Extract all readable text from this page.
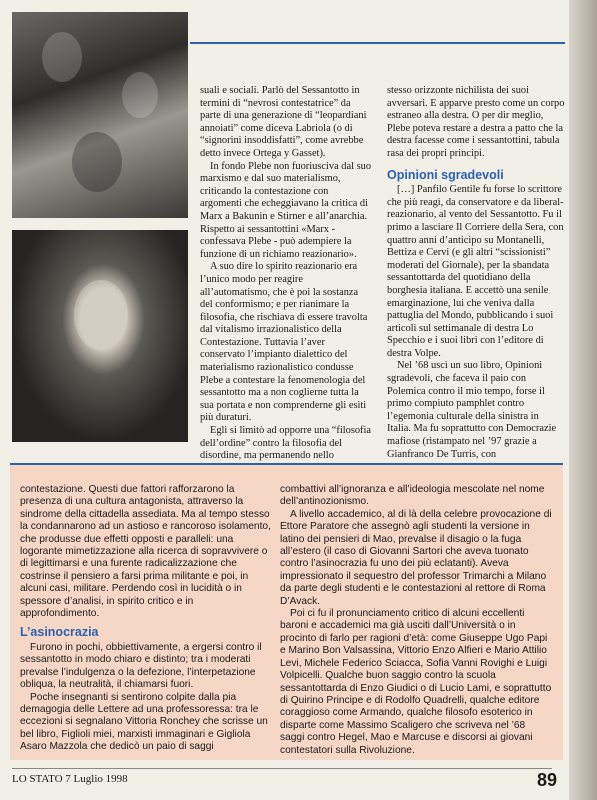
suali e sociali. Parlò del Sessantotto in termini di “nevrosi contestatrice” da parte di una generazione di “leopardiani annoiati” come diceva Labriola (o di “signorini insoddisfatti”, come avrebbe detto invece Ortega y Gasset).

In fondo Plebe non fuoriusciva dal suo marxismo e dal suo materialismo, criticando la contestazione con argomenti che echeggiavano la critica di Marx a Bakunin e Stirner e all’anarchia. Rispetto ai sessantottini «Marx - confessava Plebe - può adempiere la funzione di un richiamo reazionario».

A suo dire lo spirito reazionario era l’unico modo per reagire all’automatismo, che è poi la sostanza del conformismo; e per rianimare la filosofia, che rischiava di essere travolta dal vitalismo irrazionalistico della Contestazione. Tuttavia l’aver conservato l’impianto dialettico del materialismo razionalistico condusse Plebe a contestare la fenomenologia del sessantotto ma a non coglierne tutta la sua portata e non comprenderne gli esiti più duraturi.

Egli si limitò ad opporre una “filosofia dell’ordine” contro la filosofia del disordine, ma permanendo nello

stesso orizzonte nichilista dei suoi avversari. E apparve presto come un corpo estraneo alla destra. O per dir meglio, Plebe poteva restare a destra a patto che la destra facesse come i sessantottini, tabula rasa dei propri principi.

Opinioni sgradevoli

[…] Panfilo Gentile fu forse lo scrittore che più reagì, da conservatore e da liberal-reazionario, al vento del Sessantotto. Fu il primo a lasciare Il Corriere della Sera, con quattro anni d’anticipo su Montanelli, Bettiza e Cervi (e gli altri “scissionisti” moderati del Giornale), per la sbandata sessantottarda del quotidiano della borghesia italiana. E accettò una senile emarginazione, lui che veniva dalla pattuglia del Mondo, pubblicando i suoi articoli sul settimanale di destra Lo Specchio e i suoi libri con l’editore di destra Volpe.

Nel ’68 uscì un suo libro, Opinioni sgradevoli, che faceva il paio con Polemica contro il mio tempo, forse il primo compiuto pamphlet contro l’egemonia culturale della sinistra in Italia. Ma fu soprattutto con Democrazie mafiose (ristampato nel ’97 grazie a Gianfranco De Turris, con

contestazione. Questi due fattori rafforzarono la presenza di una cultura antagonista, attraverso la sindrome della cittadella assediata. Ma al tempo stesso la condannarono ad un astioso e rancoroso isolamento, che produsse due effetti opposti e paralleli: una logorante mimetizzazione alla ricerca di sopravvivere o di legittimarsi e una furente radicalizzazione che costrinse il pensiero a farsi prima militante e poi, in alcuni casi, militare. Perdendo così in lucidità o in spessore d’analisi, in spirito critico e in approfondimento.

L’asinocrazia

Furono in pochi, obbiettivamente, a ergersi contro il sessantotto in modo chiaro e distinto; tra i moderati prevalse l’indulgenza o la defezione, l’interpetazione obliqua, la neutralità, il chiamarsi fuori.

Poche insegnanti si sentirono colpite dalla pia demagogia delle Lettere ad una professoressa: tra le eccezioni si segnalano Vittoria Ronchey che scrisse un bel libro, Figlioli miei, marxisti immaginari e Gigliola Asaro Mazzola che dedicò un paio di saggi

combattivi all’ignoranza e all’ideologia mescolate nel nome dell’antinozionismo.

A livello accademico, al di là della celebre provocazione di Ettore Paratore che assegnò agli studenti la versione in latino dei pensieri di Mao, prevalse il disagio o la fuga all’estero (il caso di Giovanni Sartori che aveva tuonato contro l’asinocrazia fu uno dei più eclatanti). Aveva impressionato il sequestro del professor Trimarchi a Milano da parte degli studenti e le contestazioni al rettore di Roma D’Avack.

Poi ci fu il pronunciamento critico di alcuni eccellenti baroni e accademici ma già usciti dall’Università o in procinto di farlo per ragioni d’età: come Giuseppe Ugo Papi e Marino Bon Valsassina, Vittorio Enzo Alfieri e Mario Attilio Levi, Michele Federico Sciacca, Sofia Vanni Rovighi e Luigi Volpicelli. Qualche buon saggio contro la scuola sessantottarda di Enzo Giudici o di Lucio Lami, e soprattutto di Quirino Principe e di Rodolfo Quadrelli, qualche editore coraggioso come Armando, qualche filosofo esoterico in disparte come Massimo Scaligero che scriveva nel ’68 saggi contro Hegel, Mao e Marcuse e discorsi ai giovani contestatori sulla Rivoluzione.

LO STATO 7 Luglio 1998	89
